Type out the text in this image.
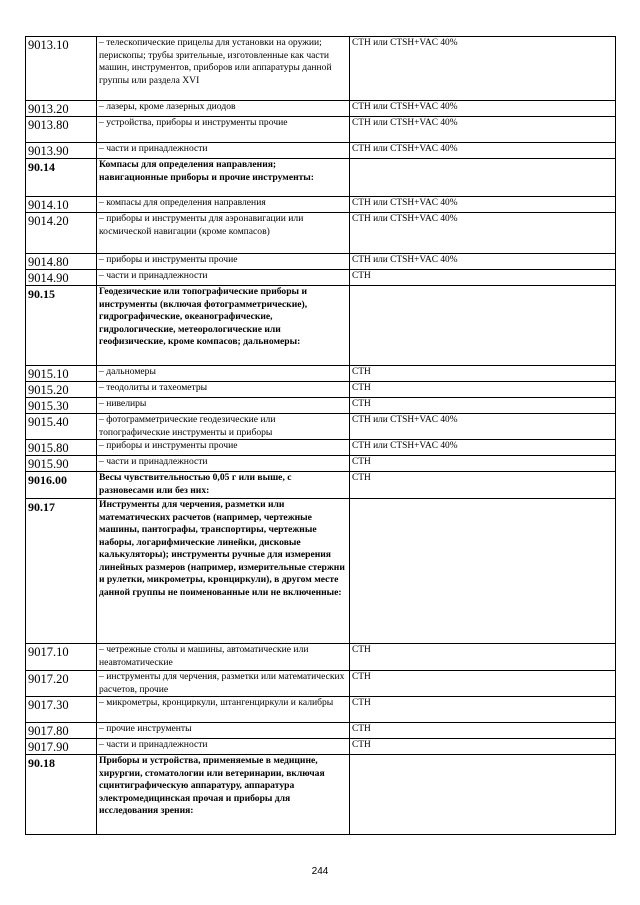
9013.10	– телескопические прицелы для установки на оружии; перископы; трубы зрительные, изготовленные как части машин, инструментов, приборов или аппаратуры данной группы или раздела XVI	СТН или CTSH+VAC 40%
9013.20	– лазеры, кроме лазерных диодов	СТН или CTSH+VAC 40%
9013.80	– устройства, приборы и инструменты прочие	СТН или CTSH+VAC 40%
9013.90	– части и принадлежности	СТН или CTSH+VAC 40%
90.14	Компасы для определения направления; навигационные приборы и прочие инструменты:	
9014.10	– компасы для определения направления	СТН или CTSH+VAC 40%
9014.20	– приборы и инструменты для аэронавигации или космической навигации (кроме компасов)	СТН или CTSH+VAC 40%
9014.80	– приборы и инструменты прочие	СТН или CTSH+VAC 40%
9014.90	– части и принадлежности	СТН
90.15	Геодезические или топографические приборы и инструменты (включая фотограмметрические), гидрографические, океанографические, гидрологические, метеорологические или геофизические, кроме компасов; дальномеры:	
9015.10	– дальномеры	СТН
9015.20	– теодолиты и тахеометры	СТН
9015.30	– нивелиры	СТН
9015.40	– фотограмметрические геодезические или топографические инструменты и приборы	СТН или CTSH+VAC 40%
9015.80	– приборы и инструменты прочие	СТН или CTSH+VAC 40%
9015.90	– части и принадлежности	СТН
9016.00	Весы чувствительностью 0,05 г или выше, с разновесами или без них:	СТН
90.17	Инструменты для черчения, разметки или математических расчетов (например, чертежные машины, пантографы, транспортиры, чертежные наборы, логарифмические линейки, дисковые калькуляторы); инструменты ручные для измерения линейных размеров (например, измерительные стержни и рулетки, микрометры, кронциркули), в другом месте данной группы не поименованные или не включенные:	
9017.10	– четрежные столы и машины, автоматические или неавтоматические	СТН
9017.20	– инструменты для черчения, разметки или математических расчетов, прочие	СТН
9017.30	– микрометры, кронциркули, штангенциркули и калибры	СТН
9017.80	– прочие инструменты	СТН
9017.90	– части и принадлежности	СТН
90.18	Приборы и устройства, применяемые в медицине, хирургии, стоматологии или ветеринарии, включая сцинтиграфическую аппаратуру, аппаратура электромедицинская прочая и приборы для исследования зрения:	
244
